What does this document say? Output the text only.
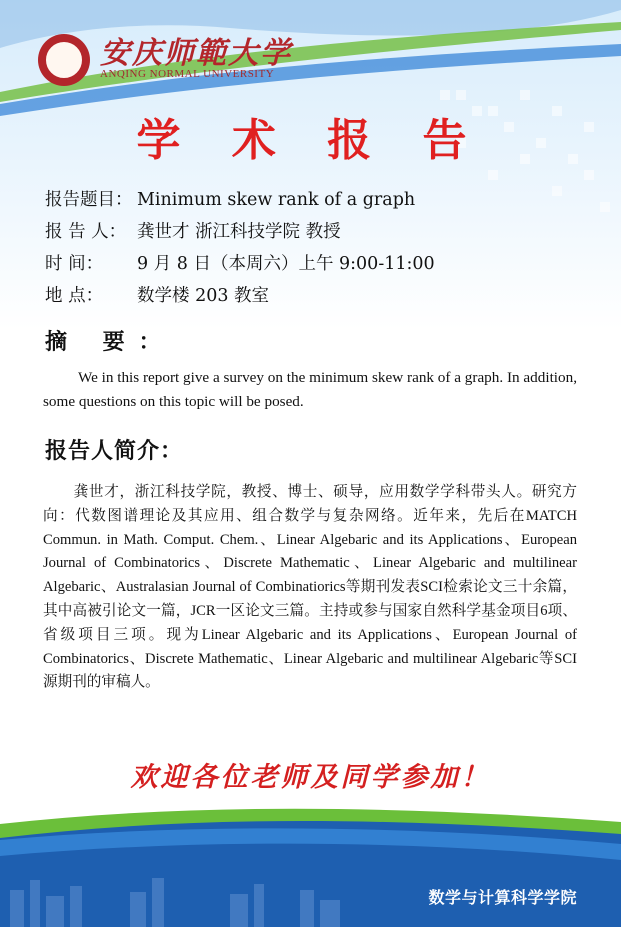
安庆师範大学
ANQING NORMAL UNIVERSITY
学 术 报 告
报告题目： Minimum skew rank of a graph
报 告 人： 龚世才 浙江科技学院 教授
时 间：	9 月 8 日（本周六）上午 9:00-11:00
地 点：	数学楼 203 教室
摘 要：
We in this report give a survey on the minimum skew rank of a graph. In addition, some questions on this topic will be posed.
报告人简介：
龚世才，浙江科技学院，教授、博士、硕导，应用数学学科带头人。研究方向：代数图谱理论及其应用、组合数学与复杂网络。近年来，先后在MATCH Commun. in Math. Comput. Chem.、Linear Algebaric and its Applications、European Journal of Combinatorics、Discrete Mathematic、Linear Algebaric and multilinear Algebaric、Australasian Journal of Combinatiorics等期刊发表SCI检索论文三十余篇，其中高被引论文一篇，JCR一区论文三篇。主持或参与国家自然科学基金项目6项、省级项目三项。现为Linear Algebaric and its Applications、European Journal of Combinatorics、Discrete Mathematic、Linear Algebaric and multilinear Algebaric等SCI源期刊的审稿人。
欢迎各位老师及同学参加！
数学与计算科学学院
